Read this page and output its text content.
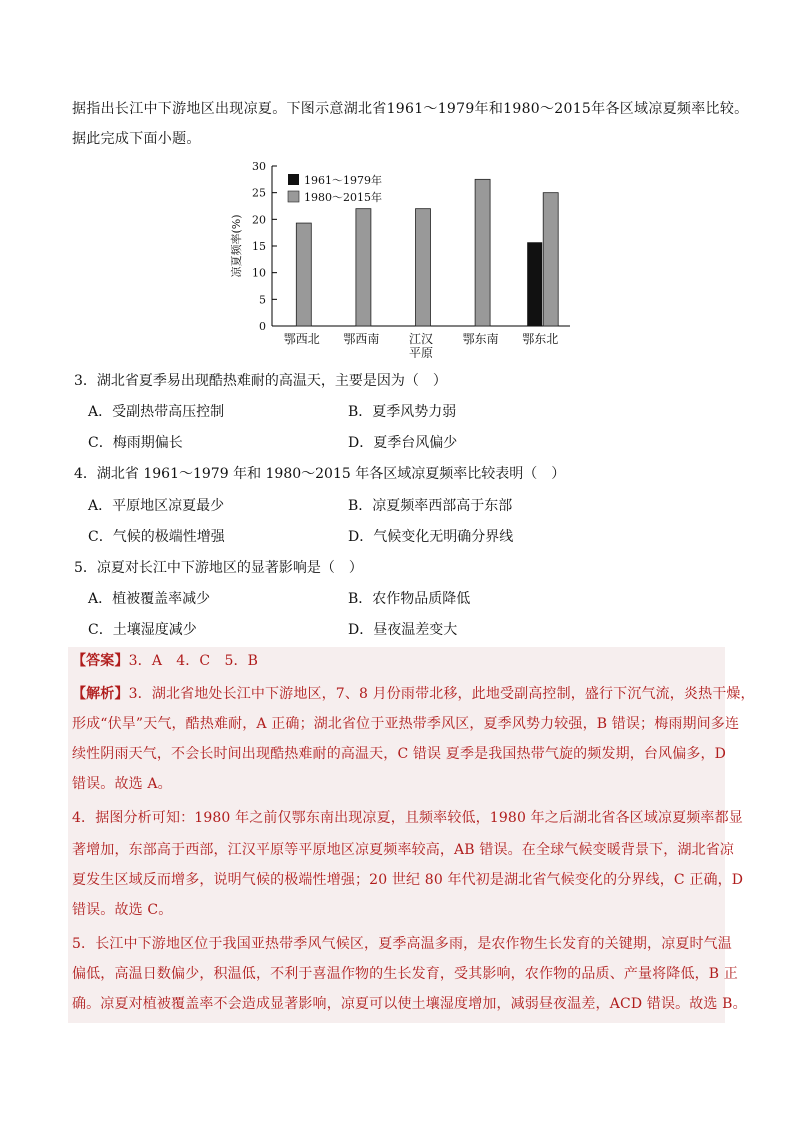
据指出长江中下游地区出现凉夏。下图示意湖北省1961～1979年和1980～2015年各区域凉夏频率比较。
据此完成下面小题。
0
5
10
15
20
25
30
鄂西北 鄂西南 江汉
平原
鄂东南 鄂东北
凉夏频率(%)
1961～1979年
1980～2015年
3．湖北省夏季易出现酷热难耐的高温天，主要是因为（　）
A．受副热带高压控制	B．夏季风势力弱
C．梅雨期偏长	D．夏季台风偏少
4．湖北省 1961～1979 年和 1980～2015 年各区域凉夏频率比较表明（　）
A．平原地区凉夏最少	B．凉夏频率西部高于东部
C．气候的极端性增强	D．气候变化无明确分界线
5．凉夏对长江中下游地区的显著影响是（　）
A．植被覆盖率减少	B．农作物品质降低
C．土壤湿度减少	D．昼夜温差变大
【答案】3．A　4．C　5．B
【解析】3．湖北省地处长江中下游地区，7、8 月份雨带北移，此地受副高控制，盛行下沉气流，炎热干燥，
形成“伏旱”天气，酷热难耐，A 正确；湖北省位于亚热带季风区，夏季风势力较强，B 错误；梅雨期间多连
续性阴雨天气，不会长时间出现酷热难耐的高温天，C 错误 夏季是我国热带气旋的频发期，台风偏多，D
错误。故选 A。
4．据图分析可知：1980 年之前仅鄂东南出现凉夏，且频率较低，1980 年之后湖北省各区域凉夏频率都显
著增加，东部高于西部，江汉平原等平原地区凉夏频率较高，AB 错误。在全球气候变暖背景下，湖北省凉
夏发生区域反而增多，说明气候的极端性增强；20 世纪 80 年代初是湖北省气候变化的分界线，C 正确，D
错误。故选 C。
5．长江中下游地区位于我国亚热带季风气候区，夏季高温多雨，是农作物生长发育的关键期，凉夏时气温
偏低，高温日数偏少，积温低，不利于喜温作物的生长发育，受其影响，农作物的品质、产量将降低，B 正
确。凉夏对植被覆盖率不会造成显著影响，凉夏可以使土壤湿度增加，减弱昼夜温差，ACD 错误。故选 B。
